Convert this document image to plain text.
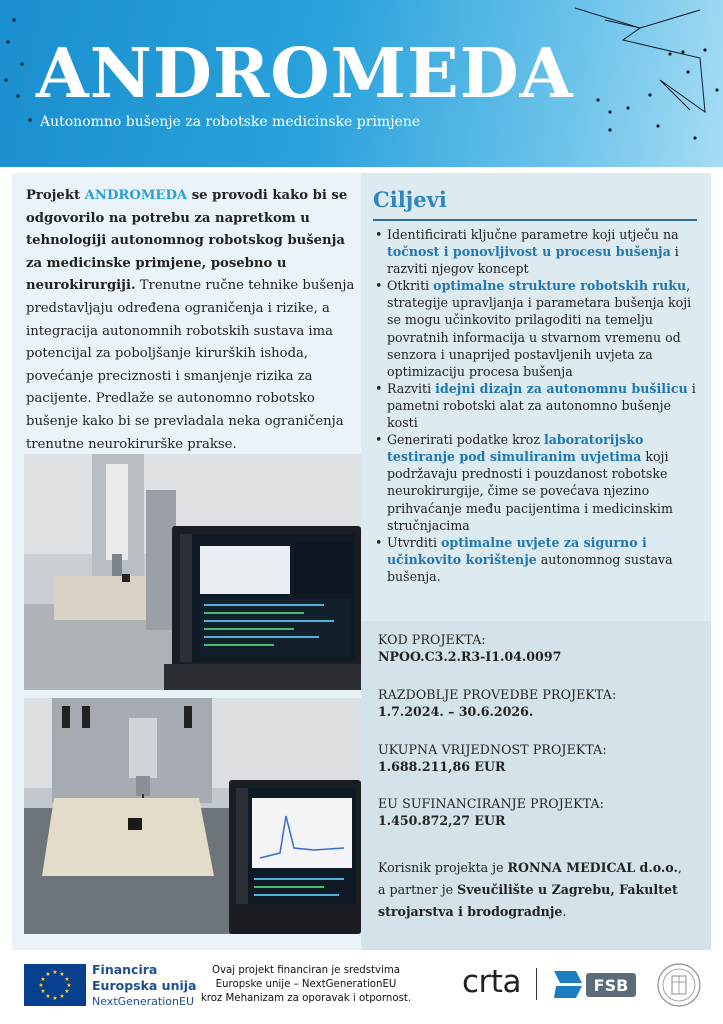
ANDROMEDA
Autonomno bušenje za robotske medicinske primjene

Projekt ANDROMEDA se provodi kako bi se odgovorilo na potrebu za napretkom u tehnologiji autonomnog robotskog bušenja za medicinske primjene, posebno u neurokirurgiji. Trenutne ručne tehnike bušenja predstavljaju određena ograničenja i rizike, a integracija autonomnih robotskih sustava ima potencijal za poboljšanje kirurških ishoda, povećanje preciznosti i smanjenje rizika za pacijente. Predlaže se autonomno robotsko bušenje kako bi se prevladala neka ograničenja trenutne neurokirurške prakse.

Ciljevi
• Identificirati ključne parametre koji utječu na točnost i ponovljivost u procesu bušenja i razviti njegov koncept
• Otkriti optimalne strukture robotskih ruku, strategije upravljanja i parametara bušenja koji se mogu učinkovito prilagoditi na temelju povratnih informacija u stvarnom vremenu od senzora i unaprijed postavljenih uvjeta za optimizaciju procesa bušenja
• Razviti idejni dizajn za autonomnu bušilicu i pametni robotski alat za autonomno bušenje kosti
• Generirati podatke kroz laboratorijsko testiranje pod simuliranim uvjetima koji podržavaju prednosti i pouzdanost robotske neurokirurgije, čime se povećava njezino prihvaćanje među pacijentima i medicinskim stručnjacima
• Utvrditi optimalne uvjete za sigurno i učinkovito korištenje autonomnog sustava bušenja.
KOD PROJEKTA:
NPOO.C3.2.R3-I1.04.0097
RAZDOBLJE PROVEDBE PROJEKTA:
1.7.2024. – 30.6.2026.
UKUPNA VRIJEDNOST PROJEKTA:
1.688.211,86 EUR
EU SUFINANCIRANJE PROJEKTA:
1.450.872,27 EUR

Korisnik projekta je RONNA MEDICAL d.o.o.,
a partner je Sveučilište u Zagrebu, Fakultet strojarstva i brodogradnje.

★ ★
★
★
★
★
★
★
★
★
★
★	Financira
Europska unija
NextGenerationEU
Ovaj projekt financiran je sredstvima
Europske unije – NextGenerationEU
kroz Mehanizam za oporavak i otpornost. crta	FSB
